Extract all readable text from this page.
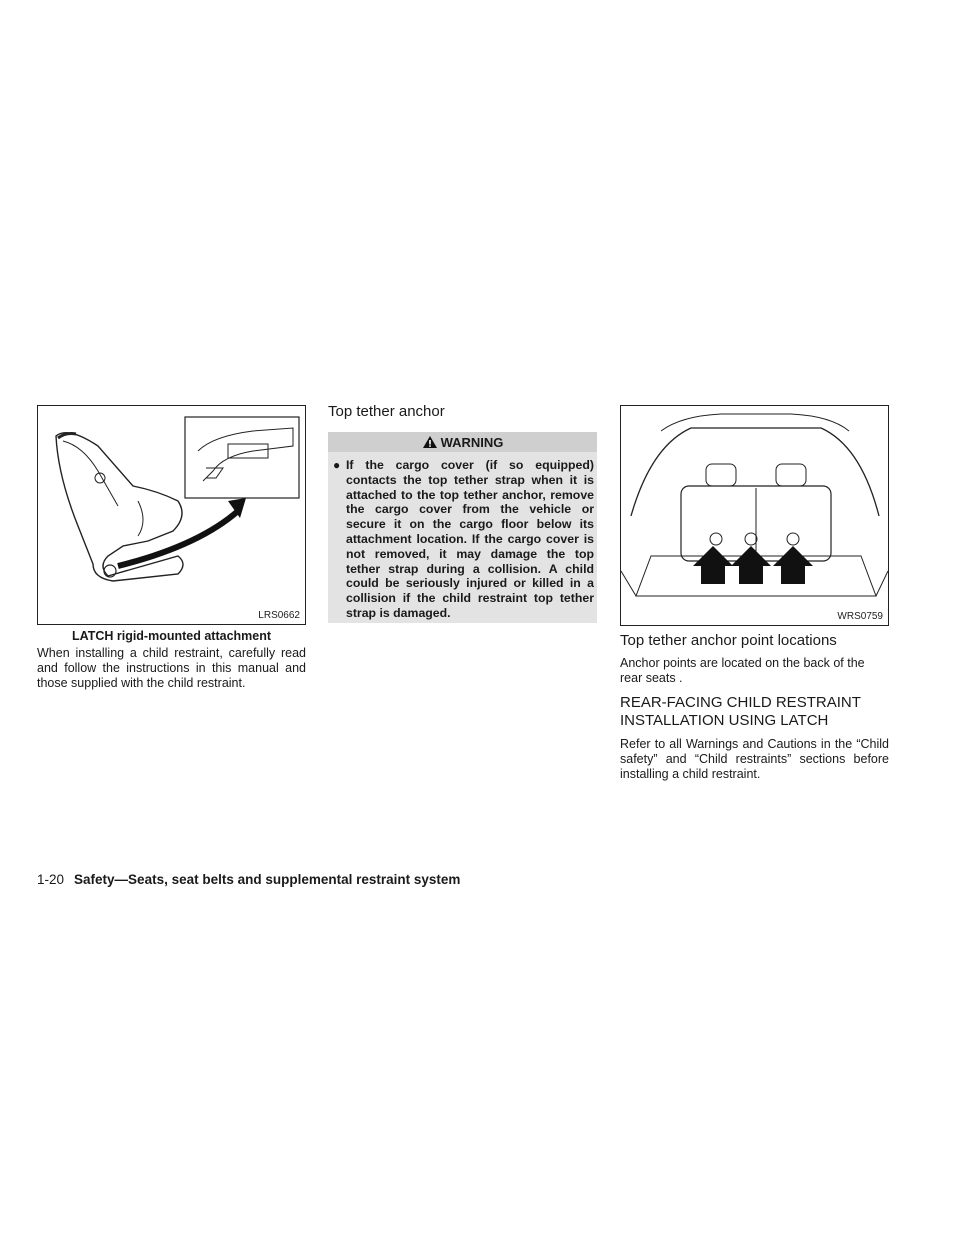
LRS0662
LATCH rigid-mounted attachment
When installing a child restraint, carefully read and follow the instructions in this manual and those supplied with the child restraint.
Top tether anchor
WARNING
● If the cargo cover (if so equipped) contacts the top tether strap when it is attached to the top tether anchor, remove the cargo cover from the vehicle or secure it on the cargo floor below its attachment location. If the cargo cover is not removed, it may damage the top tether strap during a collision. A child could be seriously injured or killed in a collision if the child restraint top tether strap is damaged.	WRS0759
Top tether anchor point locations
Anchor points are located on the back of the rear seats .
REAR-FACING CHILD RESTRAINT INSTALLATION USING LATCH
Refer to all Warnings and Cautions in the “Child safety” and “Child restraints” sections before installing a child restraint.
1-20 Safety—Seats, seat belts and supplemental restraint system
